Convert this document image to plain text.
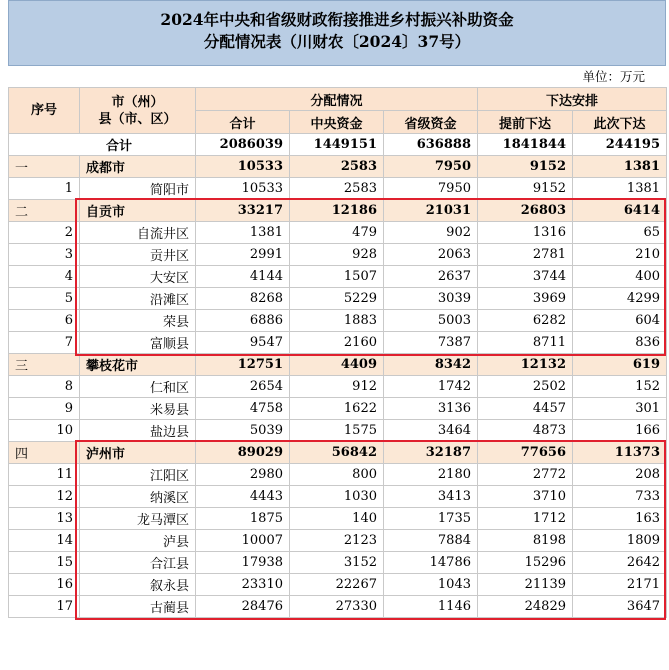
2024年中央和省级财政衔接推进乡村振兴补助资金
分配情况表（川财农〔2024〕37号）
单位：万元
序号	市（州）
县（市、区）	分配情况			下达安排	
		合计	中央资金	省级资金	提前下达	此次下达
合计		2086039	1449151	636888	1841844	244195
一	成都市	10533	2583	7950	9152	1381
1	简阳市	10533	2583	7950	9152	1381
二	自贡市	33217	12186	21031	26803	6414
2	自流井区	1381	479	902	1316	65
3	贡井区	2991	928	2063	2781	210
4	大安区	4144	1507	2637	3744	400
5	沿滩区	8268	5229	3039	3969	4299
6	荣县	6886	1883	5003	6282	604
7	富顺县	9547	2160	7387	8711	836
三	攀枝花市	12751	4409	8342	12132	619
8	仁和区	2654	912	1742	2502	152
9	米易县	4758	1622	3136	4457	301
10	盐边县	5039	1575	3464	4873	166
四	泸州市	89029	56842	32187	77656	11373
11	江阳区	2980	800	2180	2772	208
12	纳溪区	4443	1030	3413	3710	733
13	龙马潭区	1875	140	1735	1712	163
14	泸县	10007	2123	7884	8198	1809
15	合江县	17938	3152	14786	15296	2642
16	叙永县	23310	22267	1043	21139	2171
17	古蔺县	28476	27330	1146	24829	3647
